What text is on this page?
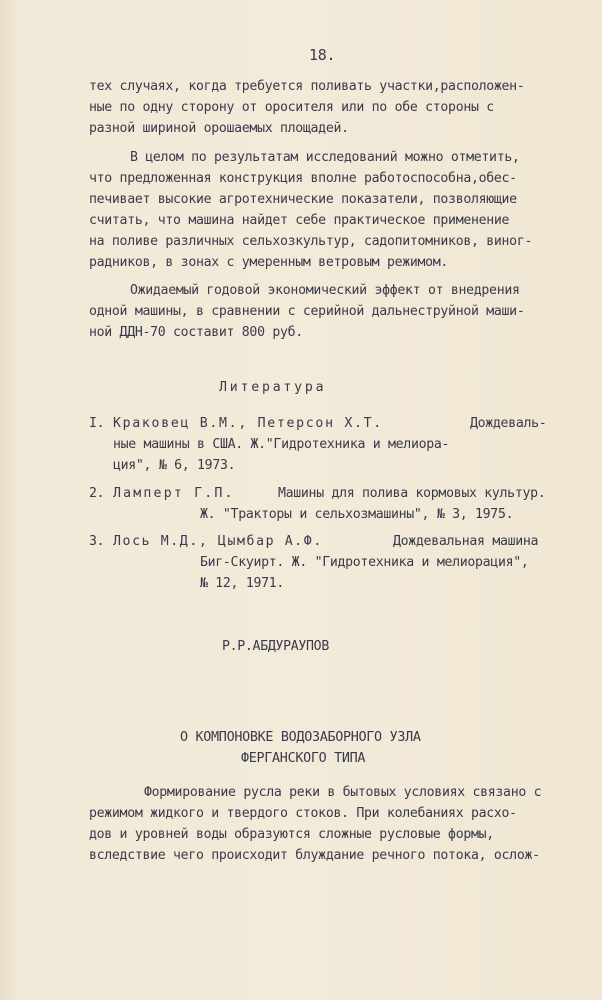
18.
тех случаях, когда требуется поливать участки,расположен-
ные по одну сторону от оросителя или по обе стороны с
разной шириной орошаемых площадей.
В целом по результатам исследований можно отметить,
что предложенная конструкция вполне работоспособна,обес-
печивает высокие агротехнические показатели, позволяющие
считать, что машина найдет себе практическое применение
на поливе различных сельхозкультур, садопитомников, виног-
радников, в зонах с умеренным ветровым режимом.
Ожидаемый годовой экономический эффект от внедрения
одной машины, в сравнении с серийной дальнеструйной маши-
ной ДДН-70 составит 800 руб.
Литература
I. Краковец В.М., Петерсон Х.Т.	Дождеваль-
ные машины в США. Ж."Гидротехника и мелиора-
ция", № 6, 1973.
2. Ламперт Г.П.	Машины для полива кормовых культур.
Ж. "Тракторы и сельхозмашины", № 3, 1975.
3. Лось М.Д., Цымбар А.Ф.	Дождевальная машина
Биг-Скуирт. Ж. "Гидротехника и мелиорация",
№ 12, 1971.
Р.Р.АБДУРАУПОВ
О КОМПОНОВКЕ ВОДОЗАБОРНОГО УЗЛА
ФЕРГАНСКОГО ТИПА
Формирование русла реки в бытовых условиях связано с
режимом жидкого и твердого стоков. При колебаниях расхо-
дов и уровней воды образуются сложные русловые формы,
вследствие чего происходит блуждание речного потока, ослож-
